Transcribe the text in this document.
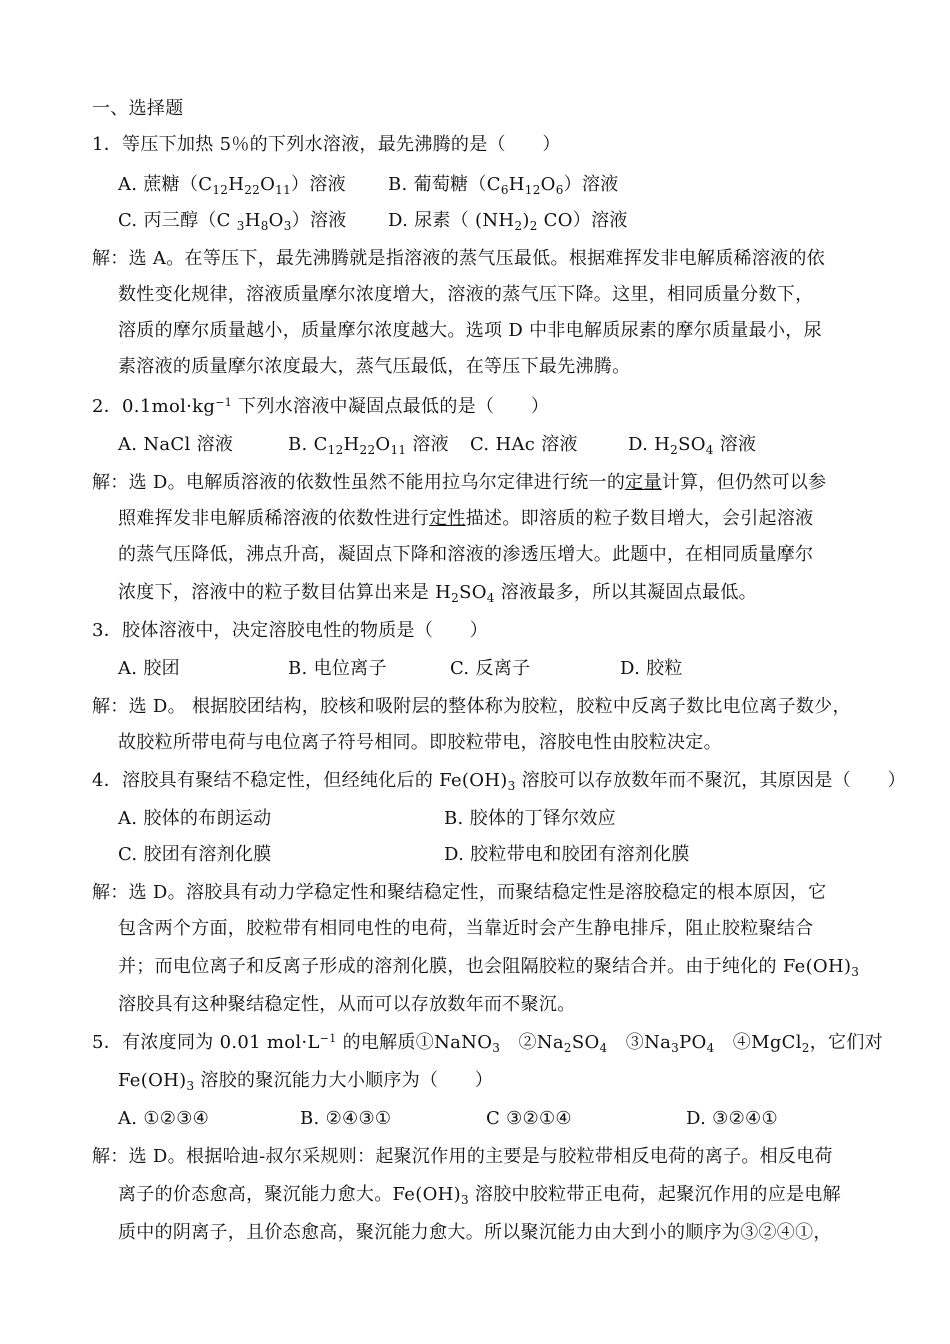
一、选择题
1．等压下加热 5％的下列水溶液，最先沸腾的是（　　）
A. 蔗糖$(C_{12}H_{22}O_{11})$溶液 B. 葡萄糖$(C_6H_{12}O_6)$溶液
C. 丙三醇（C $_3H_8O_3$）溶液 D. 尿素（ $(NH_2)_2$ CO）溶液
解：选 A。在等压下，最先沸腾就是指溶液的蒸气压最低。根据难挥发非电解质稀溶液的依
数性变化规律，溶液质量摩尔浓度增大，溶液的蒸气压下降。这里，相同质量分数下，
溶质的摩尔质量越小，质量摩尔浓度越大。选项 D 中非电解质尿素的摩尔质量最小，尿
素溶液的质量摩尔浓度最大，蒸气压最低，在等压下最先沸腾。
2．$0.1mol\cdot kg^{-1}$ 下列水溶液中凝固点最低的是（　　）
A. NaCl 溶液	B. $C_{12}H_{22}O_{11}$ 溶液 C. HAc 溶液	D. $H_2SO_4$ 溶液
解：选 D。电解质溶液的依数性虽然不能用拉乌尔定律进行统一的定量计算，但仍然可以参
照难挥发非电解质稀溶液的依数性进行定性描述。即溶质的粒子数目增大，会引起溶液
的蒸气压降低，沸点升高，凝固点下降和溶液的渗透压增大。此题中，在相同质量摩尔
浓度下，溶液中的粒子数目估算出来是 $H_2SO_4$ 溶液最多，所以其凝固点最低。
3．胶体溶液中，决定溶胶电性的物质是（　　）
A. 胶团	B. 电位离子	C. 反离子	D. 胶粒
解：选 D。 根据胶团结构，胶核和吸附层的整体称为胶粒，胶粒中反离子数比电位离子数少，
故胶粒所带电荷与电位离子符号相同。即胶粒带电，溶胶电性由胶粒决定。
4．溶胶具有聚结不稳定性，但经纯化后的 $Fe(OH)_3$ 溶胶可以存放数年而不聚沉，其原因是（　　）
A. 胶体的布朗运动	B. 胶体的丁铎尔效应
C. 胶团有溶剂化膜	D. 胶粒带电和胶团有溶剂化膜
解：选 D。溶胶具有动力学稳定性和聚结稳定性，而聚结稳定性是溶胶稳定的根本原因，它
包含两个方面，胶粒带有相同电性的电荷，当靠近时会产生静电排斥，阻止胶粒聚结合
并；而电位离子和反离子形成的溶剂化膜，也会阻隔胶粒的聚结合并。由于纯化的 $Fe(OH)_3$
溶胶具有这种聚结稳定性，从而可以存放数年而不聚沉。
5．有浓度同为 0.01 $mol\cdot L^{-1}$ 的电解质①NaNO$_3$　$②Na_2SO_4$　$③Na_3PO_4$　④MgCl$_2$，它们对
$Fe(OH)_3$ 溶胶的聚沉能力大小顺序为（　　）
A. ①②③④	B. ②④③①	C ③②①④	D. ③②④①
解：选 D。根据哈迪-叔尔采规则：起聚沉作用的主要是与胶粒带相反电荷的离子。相反电荷
离子的价态愈高，聚沉能力愈大。$Fe(OH)_3$ 溶胶中胶粒带正电荷，起聚沉作用的应是电解
质中的阴离子，且价态愈高，聚沉能力愈大。所以聚沉能力由大到小的顺序为③②④①，
